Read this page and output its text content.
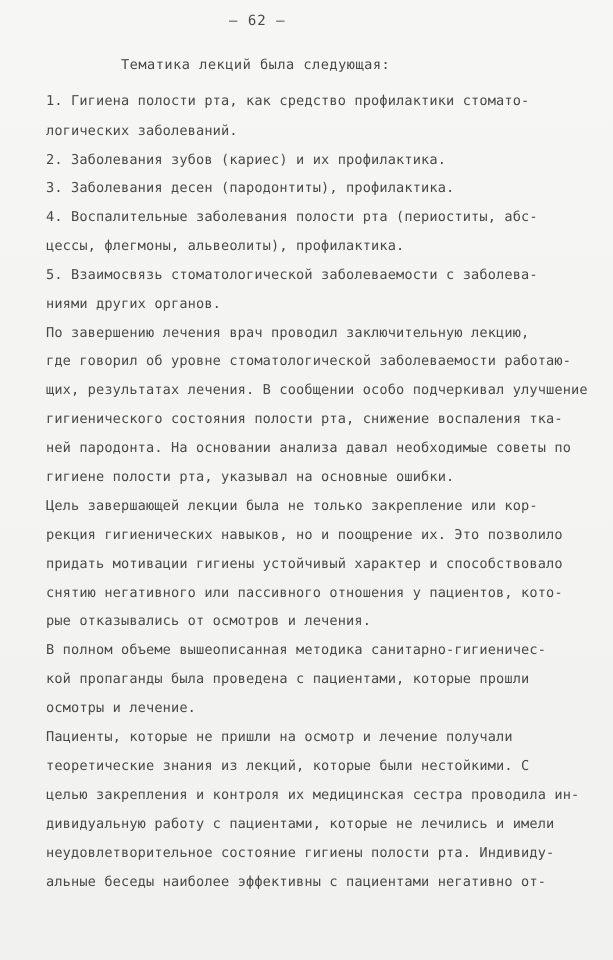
– 62 –
Тематика лекций была следующая:
1. Гигиена полости рта, как средство профилактики стомато-
логических заболеваний.
2. Заболевания зубов (кариес) и их профилактика.
3. Заболевания десен (пародонтиты), профилактика.
4. Воспалительные заболевания полости рта (периоститы, абс-
цессы, флегмоны, альвеолиты), профилактика.
5. Взаимосвязь стоматологической заболеваемости с заболева-
ниями других органов.
По завершению лечения врач проводил заключительную лекцию,
где говорил об уровне стоматологической заболеваемости работаю-
щих, результатах лечения. В сообщении особо подчеркивал улучшение
гигиенического состояния полости рта, снижение воспаления тка-
ней пародонта. На основании анализа давал необходимые советы по
гигиене полости рта, указывал на основные ошибки.
Цель завершающей лекции была не только закрепление или кор-
рекция гигиенических навыков, но и поощрение их. Это позволило
придать мотивации гигиены устойчивый характер и способствовало
снятию негативного или пассивного отношения у пациентов, кото-
рые отказывались от осмотров и лечения.
В полном объеме вышеописанная методика санитарно-гигиеничес-
кой пропаганды была проведена с пациентами, которые прошли
осмотры и лечение.
Пациенты, которые не пришли на осмотр и лечение получали
теоретические знания из лекций, которые были нестойкими. С
целью закрепления и контроля их медицинская сестра проводила ин-
дивидуальную работу с пациентами, которые не лечились и имели
неудовлетворительное состояние гигиены полости рта. Индивиду-
альные беседы наиболее эффективны с пациентами негативно от-
